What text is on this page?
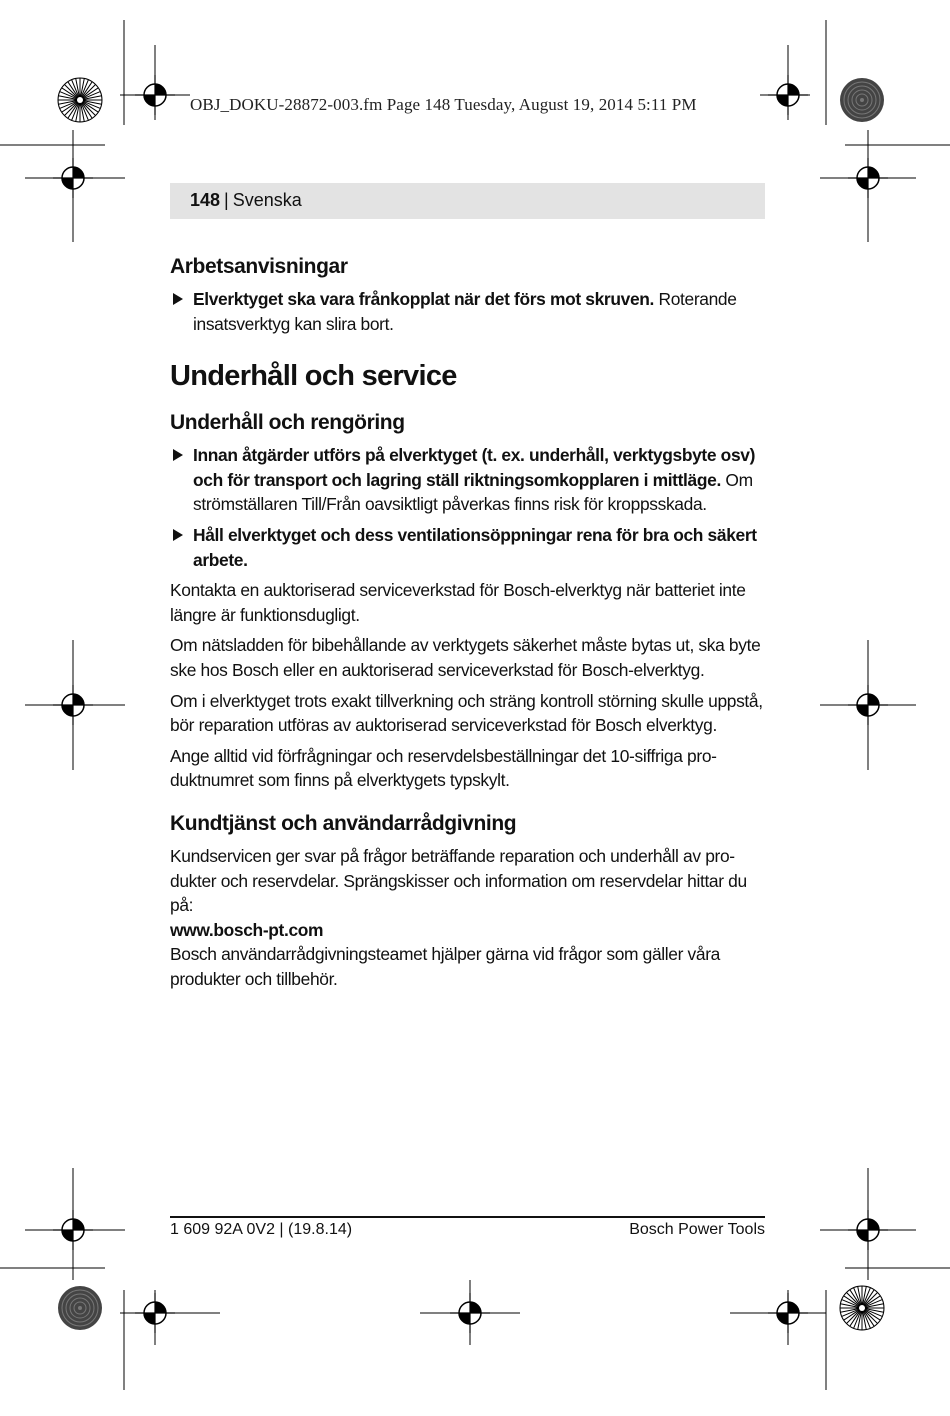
OBJ_DOKU-28872-003.fm Page 148 Tuesday, August 19, 2014 5:11 PM
148 | Svenska
Arbetsanvisningar
Elverktyget ska vara frånkopplat när det förs mot skruven. Roterande insatsverktyg kan slira bort.
Underhåll och service
Underhåll och rengöring
Innan åtgärder utförs på elverktyget (t. ex. underhåll, verktygsbyte osv) och för transport och lagring ställ riktningsomkopplaren i mittläge. Om strömställaren Till/Från oavsiktligt påverkas finns risk för kroppsskada.
Håll elverktyget och dess ventilationsöppningar rena för bra och säkert arbete.

Kontakta en auktoriserad serviceverkstad för Bosch-elverktyg när batteriet inte längre är funktionsdugligt.

Om nätsladden för bibehållande av verktygets säkerhet måste bytas ut, ska byte ske hos Bosch eller en auktoriserad serviceverkstad för Bosch-elverktyg.

Om i elverktyget trots exakt tillverkning och sträng kontroll störning skulle uppstå, bör reparation utföras av auktoriserad serviceverkstad för Bosch elverktyg.

Ange alltid vid förfrågningar och reservdelsbeställningar det 10-siffriga produktnumret som finns på elverktygets typskylt.

Kundtjänst och användarrådgivning

Kundservicen ger svar på frågor beträffande reparation och underhåll av produkter och reservdelar. Sprängskisser och information om reservdelar hittar du på:

www.bosch-pt.com

Bosch användarrådgivningsteamet hjälper gärna vid frågor som gäller våra produkter och tillbehör.

1 609 92A 0V2 | (19.8.14)	Bosch Power Tools
